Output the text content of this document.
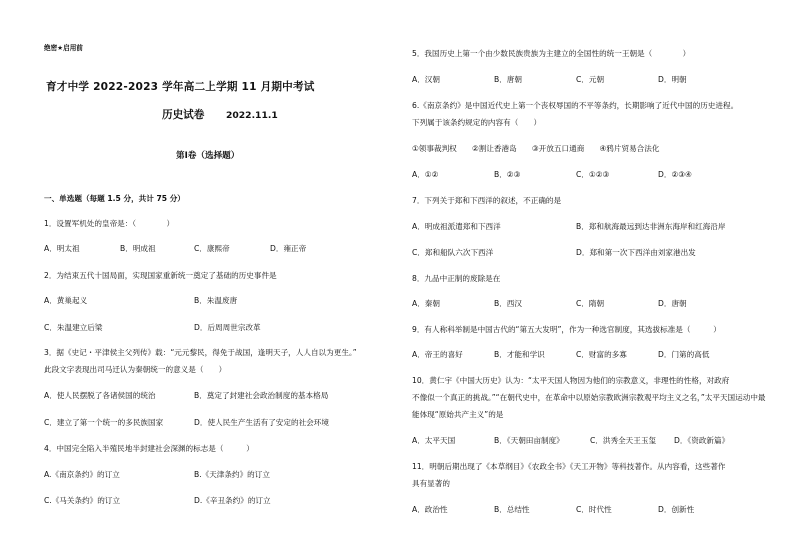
绝密★启用前
育才中学 2022-2023 学年高二上学期 11 月期中考试
历史试卷 2022.11.1
第Ⅰ卷（选择题）
一、单选题（每题 1.5 分，共计 75 分）
1．设置军机处的皇帝是：（　　　　）
A．明太祖	B．明成祖	C．康熙帝	D．雍正帝
2．为结束五代十国局面，实现国家重新统一奠定了基础的历史事件是
A．黄巢起义	B．朱温废唐
C．朱温建立后梁	D．后周周世宗改革
3．据《史记・平津侯主父列传》载：“元元黎民，得免于战国，逢明天子，人人自以为更生。”
此段文字表现出司马迁认为秦朝统一的意义是（　　）
A．使人民摆脱了各诸侯国的统治	B．奠定了封建社会政治制度的基本格局
C．建立了第一个统一的多民族国家	D．使人民生产生活有了安定的社会环境
4．中国完全陷入半殖民地半封建社会深渊的标志是（　　　）
A.《南京条约》的订立	B.《天津条约》的订立
C.《马关条约》的订立	D.《辛丑条约》的订立
5．我国历史上第一个由少数民族贵族为主建立的全国性的统一王朝是（　　　　）
A．汉朝	B．唐朝	C．元朝	D．明朝
6.《南京条约》是中国近代史上第一个丧权辱国的不平等条约，长期影响了近代中国的历史进程。
下列属于该条约规定的内容有（　　）
①领事裁判权　　②割让香港岛　　③开放五口通商　　④鸦片贸易合法化
A．①②	B．②③	C．①②③	D．②③④
7．下列关于郑和下西洋的叙述，不正确的是
A．明成祖派遣郑和下西洋	B．郑和航海最远到达非洲东海岸和红海沿岸
C．郑和船队六次下西洋	D．郑和第一次下西洋由刘家港出发
8．九品中正制的废除是在
A．秦朝	B．西汉	C．隋朝	D．唐朝
9．有人称科举制是中国古代的“第五大发明”，作为一种选官制度，其选拔标准是（　　　）
A．帝王的喜好	B．才能和学识	C．财富的多寡	D．门第的高低
10．黄仁宇《中国大历史》认为：“太平天国人物因为他们的宗教意义，非理性的性格，对政府
不像似一个真正的挑战。”“在朝代史中，在革命中以原始宗教欧洲宗教观平均主义之名，”太平天国运动中最
能体现“原始共产主义”的是
A．太平天国	B．《天朝田亩制度》	C．洪秀全天王玉玺 D．《资政新篇》
11．明朝后期出现了《本草纲目》《农政全书》《天工开物》等科技著作。从内容看，这些著作
具有显著的
A．政治性	B．总结性	C．时代性	D．创新性
